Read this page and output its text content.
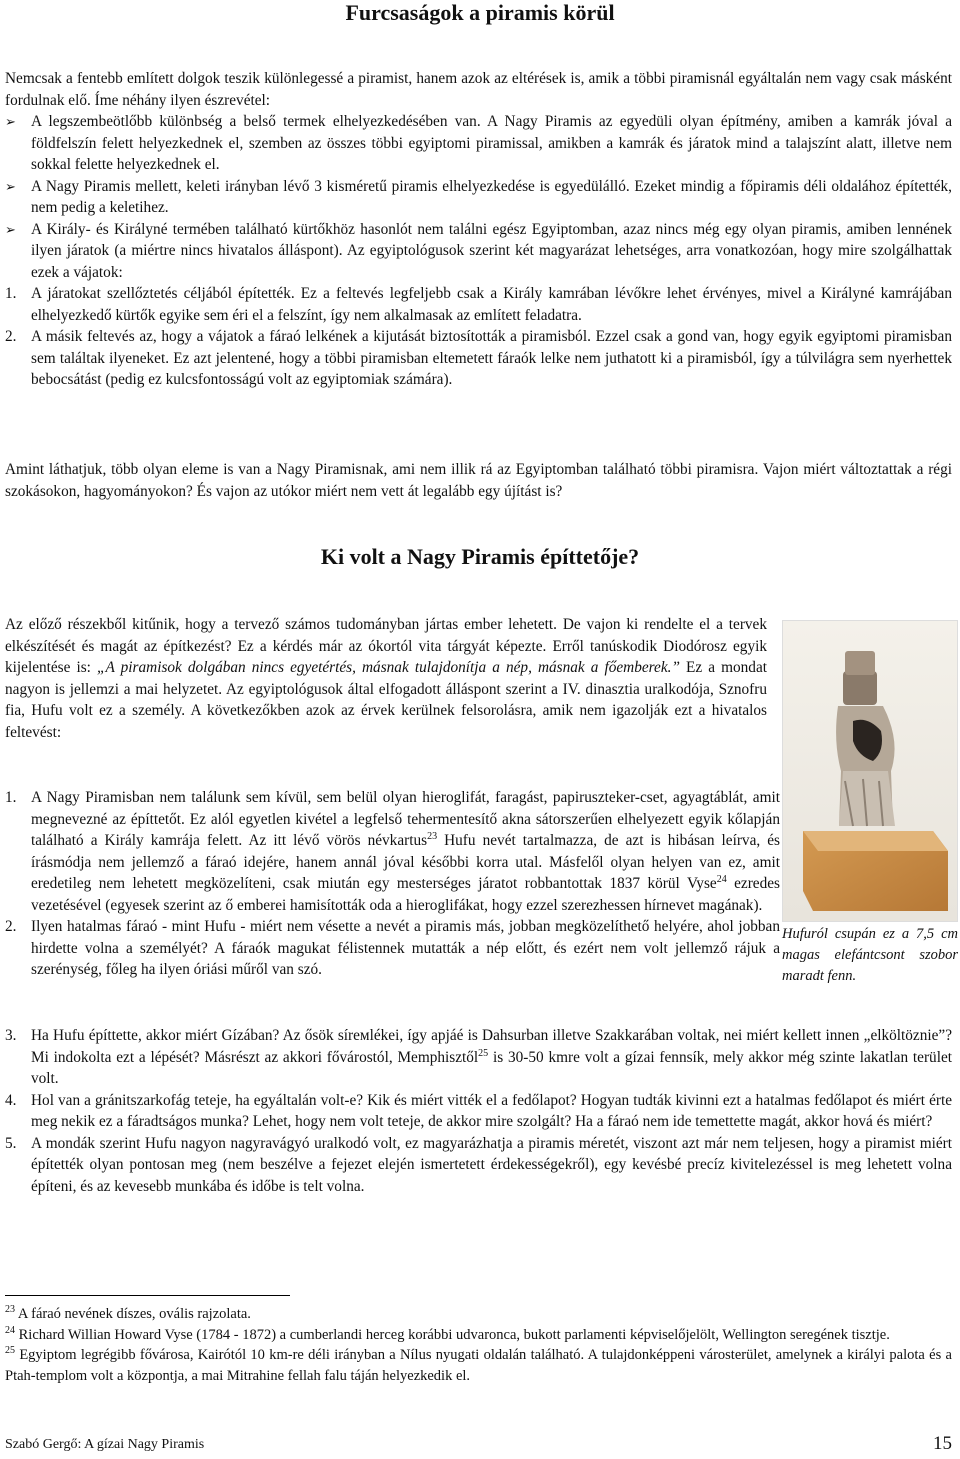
Furcsaságok a piramis körül

Nemcsak a fentebb említett dolgok teszik különlegessé a piramist, hanem azok az eltérések is, amik a többi piramisnál egyáltalán nem vagy csak másként fordulnak elő. Íme néhány ilyen észrevétel:

➢ A legszembeötlőbb különbség a belső termek elhelyezkedésében van. A Nagy Piramis az egyedüli olyan építmény, amiben a kamrák jóval a földfelszín felett helyezkednek el, szemben az összes többi egyiptomi piramissal, amikben a kamrák és járatok mind a talajszínt alatt, illetve nem sokkal felette helyezkednek el.
➢ A Nagy Piramis mellett, keleti irányban lévő 3 kisméretű piramis elhelyezkedése is egyedülálló. Ezeket mindig a főpiramis déli oldalához építették, nem pedig a keletihez.
➢ A Király- és Királyné termében található kürtőkhöz hasonlót nem találni egész Egyiptomban, azaz nincs még egy olyan piramis, amiben lennének ilyen járatok (a miértre nincs hivatalos álláspont). Az egyiptológusok szerint két magyarázat lehetséges, arra vonatkozóan, hogy mire szolgálhattak ezek a vájatok:
1. A járatokat szellőztetés céljából építették. Ez a feltevés legfeljebb csak a Király kamrában lévőkre lehet érvényes, mivel a Királyné kamrájában elhelyezkedő kürtők egyike sem éri el a felszínt, így nem alkalmasak az említett feladatra.
2. A másik feltevés az, hogy a vájatok a fáraó lelkének a kijutását biztosították a piramisból. Ezzel csak a gond van, hogy egyik egyiptomi piramisban sem találtak ilyeneket. Ez azt jelentené, hogy a többi piramisban eltemetett fáraók lelke nem juthatott ki a piramisból, így a túlvilágra sem nyerhettek bebocsátást (pedig ez kulcsfontosságú volt az egyiptomiak számára).

Amint láthatjuk, több olyan eleme is van a Nagy Piramisnak, ami nem illik rá az Egyiptomban található többi piramisra. Vajon miért változtattak a régi szokásokon, hagyományokon? És vajon az utókor miért nem vett át legalább egy újítást is?

Ki volt a Nagy Piramis építtetője?

Az előző részekből kitűnik, hogy a tervező számos tudományban jártas ember lehetett. De vajon ki rendelte el a tervek elkészítését és magát az építkezést? Ez a kérdés már az ókortól vita tárgyát képezte. Erről tanúskodik Diodórosz egyik kijelentése is: „A piramisok dolgában nincs egyetértés, másnak tulajdonítja a nép, másnak a főemberek.” Ez a mondat nagyon is jellemzi a mai helyzetet. Az egyiptológusok által elfogadott álláspont szerint a IV. dinasztia uralkodója, Sznofru fia, Hufu volt ez a személy. A következőkben azok az érvek kerülnek felsorolásra, amik nem igazolják ezt a hivatalos feltevést:

Hufuról csupán ez a 7,5 cm magas elefántcsont szobor maradt fenn.

1. A Nagy Piramisban nem találunk sem kívül, sem belül olyan hieroglifát, faragást, papiruszteker-cset, agyagtáblát, amit megnevezné az építtetőt. Ez alól egyetlen kivétel a legfelső tehermentesítő akna sátorszerűen elhelyezett egyik kőlapján található a Király kamrája felett. Az itt lévő vörös névkartus$^{23}$ Hufu nevét tartalmazza, de azt is hibásan leírva, és írásmódja nem jellemző a fáraó idejére, hanem annál jóval későbbi korra utal. Másfelől olyan helyen van ez, amit eredetileg nem lehetett megközelíteni, csak miután egy mesterséges járatot robbantottak 1837 körül Vyse$^{24}$ ezredes vezetésével (egyesek szerint az ő emberei hamisították oda a hieroglifákat, hogy ezzel szerezhessen hírnevet magának).
2. Ilyen hatalmas fáraó - mint Hufu - miért nem vésette a nevét a piramis más, jobban megközelíthető helyére, ahol jobban hirdette volna a személyét? A fáraók magukat félistennek mutatták a nép előtt, és ezért nem volt jellemző rájuk a szerénység, főleg ha ilyen óriási műről van szó.
3. Ha Hufu építtette, akkor miért Gízában? Az ősök sírемlékei, így apjáé is Dahsurban illetve Szakkarában voltak, nei miért kellett innen „elköltöznie”? Mi indokolta ezt a lépését? Másrészt az akkori fővárostól, Memphisztől$^{25}$ is 30-50 kmre volt a gízai fennsík, mely akkor még szinte lakatlan terület volt.
4. Hol van a gránitszarkofág teteje, ha egyáltalán volt-e? Kik és miért vitték el a fedőlapot? Hogyan tudták kivinni ezt a hatalmas fedőlapot és miért érte meg nekik ez a fáradtságos munka? Lehet, hogy nem volt teteje, de akkor mire szolgált? Ha a fáraó nem ide temettette magát, akkor hová és miért?
5. A mondák szerint Hufu nagyon nagyravágyó uralkodó volt, ez magyarázhatja a piramis méretét, viszont azt már nem teljesen, hogy a piramist miért építették olyan pontosan meg (nem beszélve a fejezet elején ismertetett érdekességekről), egy kevésbé precíz kivitelezéssel is meg lehetett volna építeni, és az kevesebb munkába és időbe is telt volna.

$^{23}$ A fáraó nevének díszes, ovális rajzolata.

$^{24}$ Richard Willian Howard Vyse (1784 - 1872) a cumberlandi herceg korábbi udvaronca, bukott parlamenti képviselőjelölt, Wellington seregének tisztje.

$^{25}$ Egyiptom legrégibb fővárosa, Kairótól 10 km-re déli irányban a Nílus nyugati oldalán található. A tulajdonképpeni városterület, amelynek a királyi palota és a Ptah-templom volt a központja, a mai Mitrahine fellah falu táján helyezkedik el.

Szabó Gergő: A gízai Nagy Piramis	15
